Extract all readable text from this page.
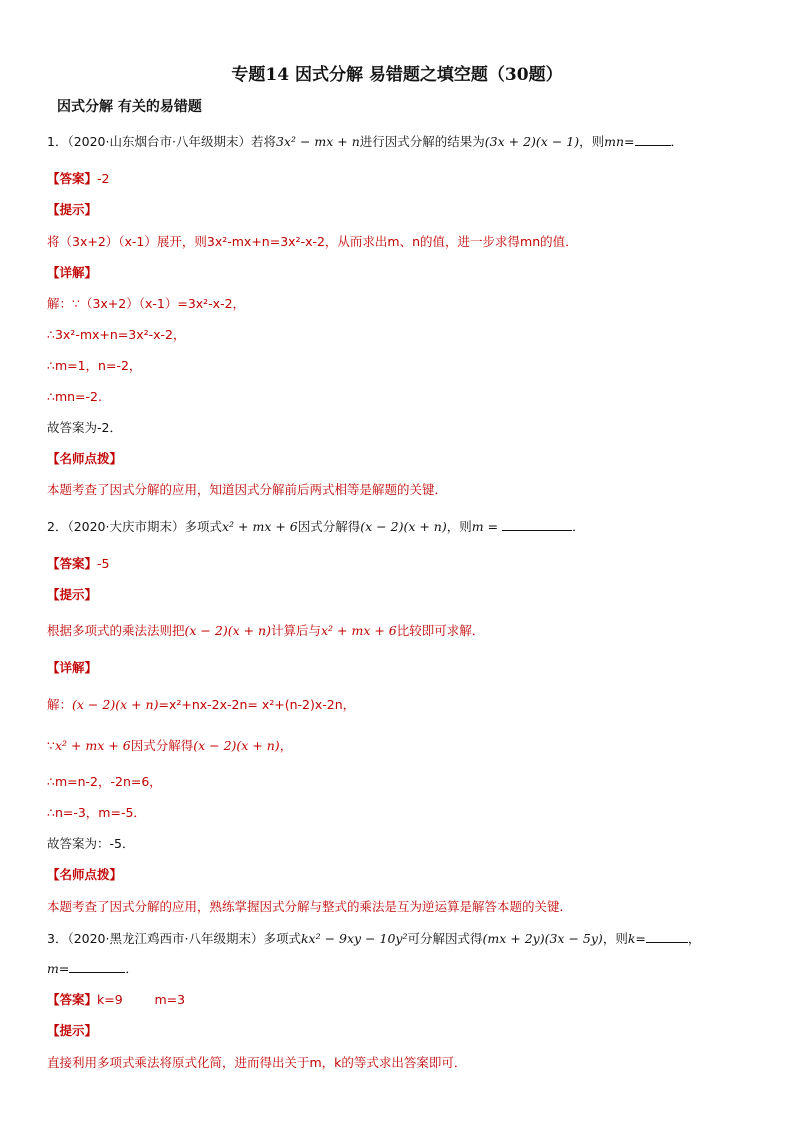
专题14 因式分解 易错题之填空题（30题）
因式分解 有关的易错题
1．（2020·山东烟台市·八年级期末）若将3x² − mx + n进行因式分解的结果为(3x + 2)(x − 1)，则mn=	．
【答案】-2
【提示】
将（3x+2）（x-1）展开，则3x²-mx+n=3x²-x-2，从而求出m、n的值，进一步求得mn的值．
【详解】
解：∵（3x+2）（x-1）=3x²-x-2，
∴3x²-mx+n=3x²-x-2，
∴m=1，n=-2，
∴mn=-2.
故答案为-2．
【名师点拨】
本题考查了因式分解的应用，知道因式分解前后两式相等是解题的关键．
2．（2020·大庆市期末）多项式x² + mx + 6因式分解得(x − 2)(x + n)，则m =	．
【答案】-5
【提示】
根据多项式的乘法法则把(x − 2)(x + n)计算后与x² + mx + 6比较即可求解．
【详解】
解：(x − 2)(x + n)=x²+nx-2x-2n= x²+(n-2)x-2n，
∵x² + mx + 6因式分解得(x − 2)(x + n)，
∴m=n-2，-2n=6，
∴n=-3，m=-5．
故答案为：-5．
【名师点拨】
本题考查了因式分解的应用，熟练掌握因式分解与整式的乘法是互为逆运算是解答本题的关键．
3．（2020·黑龙江鸡西市·八年级期末）多项式kx² − 9xy − 10y²可分解因式得(mx + 2y)(3x − 5y)，则k=	，
m=	．
【答案】k=9        m=3
【提示】
直接利用多项式乘法将原式化简，进而得出关于m，k的等式求出答案即可．
